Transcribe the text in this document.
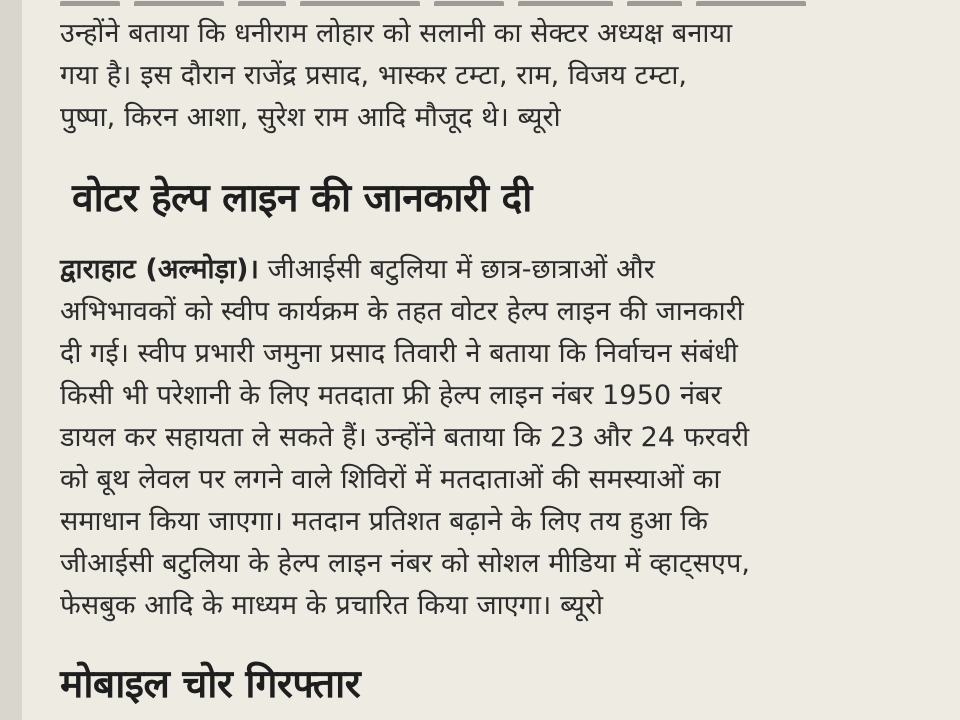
उन्होंने बताया कि धनीराम लोहार को सलानी का सेक्टर अध्यक्ष बनाया
गया है। इस दौरान राजेंद्र प्रसाद, भास्कर टम्टा, राम, विजय टम्टा,
पुष्पा, किरन आशा, सुरेश राम आदि मौजूद थे। ब्यूरो
वोटर हेल्प लाइन की जानकारी दी
द्वाराहाट (अल्मोड़ा)। जीआईसी बटुलिया में छात्र-छात्राओं और
अभिभावकों को स्वीप कार्यक्रम के तहत वोटर हेल्प लाइन की जानकारी
दी गई। स्वीप प्रभारी जमुना प्रसाद तिवारी ने बताया कि निर्वाचन संबंधी
किसी भी परेशानी के लिए मतदाता फ्री हेल्प लाइन नंबर 1950 नंबर
डायल कर सहायता ले सकते हैं। उन्होंने बताया कि 23 और 24 फरवरी
को बूथ लेवल पर लगने वाले शिविरों में मतदाताओं की समस्याओं का
समाधान किया जाएगा। मतदान प्रतिशत बढ़ाने के लिए तय हुआ कि
जीआईसी बटुलिया के हेल्प लाइन नंबर को सोशल मीडिया में व्हाट्सएप,
फेसबुक आदि के माध्यम के प्रचारित किया जाएगा। ब्यूरो
मोबाइल चोर गिरफ्तार
